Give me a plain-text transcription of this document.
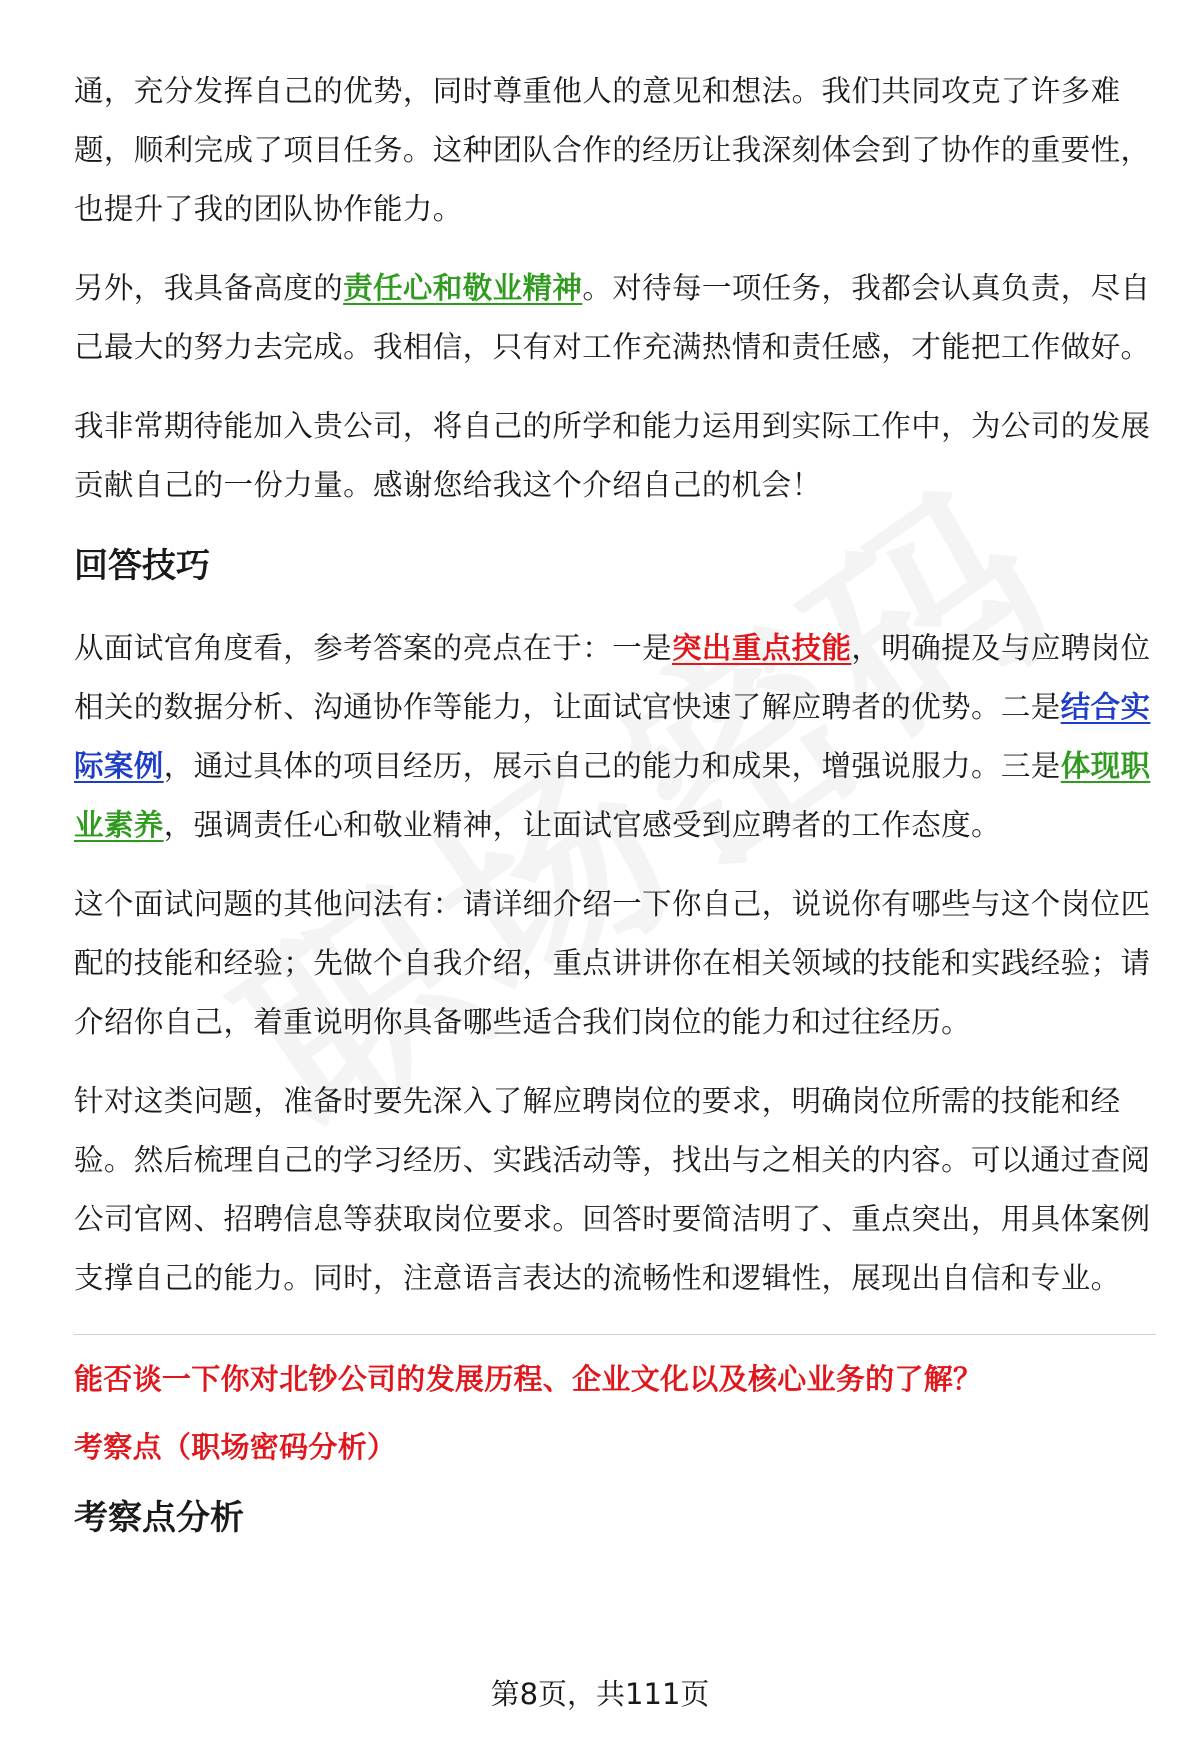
通，充分发挥自己的优势，同时尊重他人的意见和想法。我们共同攻克了许多难题，顺利完成了项目任务。这种团队合作的经历让我深刻体会到了协作的重要性，也提升了我的团队协作能力。

另外，我具备高度的责任心和敬业精神。对待每一项任务，我都会认真负责，尽自己最大的努力去完成。我相信，只有对工作充满热情和责任感，才能把工作做好。

我非常期待能加入贵公司，将自己的所学和能力运用到实际工作中，为公司的发展贡献自己的一份力量。感谢您给我这个介绍自己的机会！

回答技巧

从面试官角度看，参考答案的亮点在于：一是突出重点技能，明确提及与应聘岗位相关的数据分析、沟通协作等能力，让面试官快速了解应聘者的优势。二是结合实际案例，通过具体的项目经历，展示自己的能力和成果，增强说服力。三是体现职业素养，强调责任心和敬业精神，让面试官感受到应聘者的工作态度。

这个面试问题的其他问法有：请详细介绍一下你自己，说说你有哪些与这个岗位匹配的技能和经验；先做个自我介绍，重点讲讲你在相关领域的技能和实践经验；请介绍你自己，着重说明你具备哪些适合我们岗位的能力和过往经历。

针对这类问题，准备时要先深入了解应聘岗位的要求，明确岗位所需的技能和经验。然后梳理自己的学习经历、实践活动等，找出与之相关的内容。可以通过查阅公司官网、招聘信息等获取岗位要求。回答时要简洁明了、重点突出，用具体案例支撑自己的能力。同时，注意语言表达的流畅性和逻辑性，展现出自信和专业。

能否谈一下你对北钞公司的发展历程、企业文化以及核心业务的了解？
考察点（职场密码分析）
考察点分析
第8页，共111页
